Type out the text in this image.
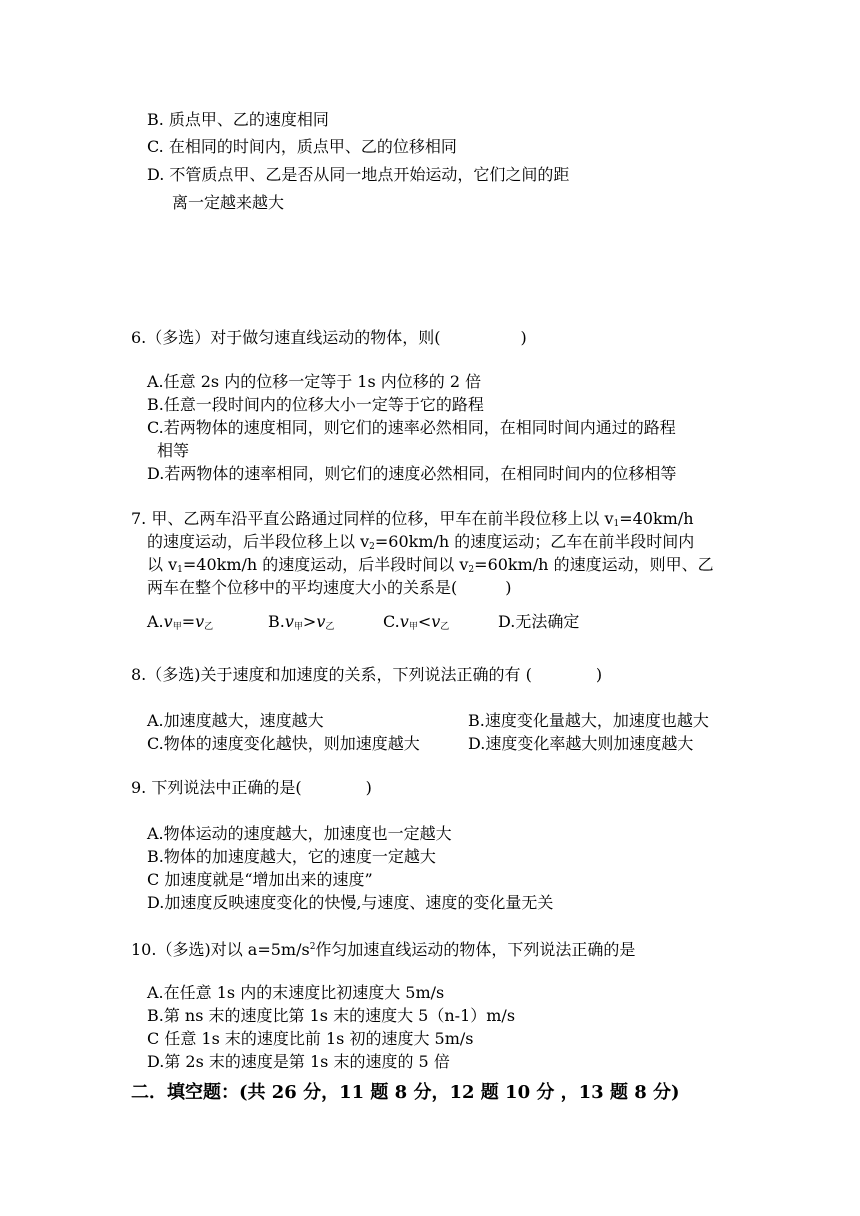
B. 质点甲、乙的速度相同
C. 在相同的时间内，质点甲、乙的位移相同
D. 不管质点甲、乙是否从同一地点开始运动，它们之间的距
离一定越来越大
6.（多选）对于做匀速直线运动的物体，则(　　　　　)
A.任意 2s 内的位移一定等于 1s 内位移的 2 倍
B.任意一段时间内的位移大小一定等于它的路程
C.若两物体的速度相同，则它们的速率必然相同，在相同时间内通过的路程
相等
D.若两物体的速率相同，则它们的速度必然相同，在相同时间内的位移相等
7. 甲、乙两车沿平直公路通过同样的位移，甲车在前半段位移上以 $v_1=40km/h$
的速度运动，后半段位移上以 $v_2=60km/h$ 的速度运动；乙车在前半段时间内
以 $v_1=40km/h$ 的速度运动，后半段时间以 $v_2=60km/h$ 的速度运动，则甲、乙
两车在整个位移中的平均速度大小的关系是(　　　)
$A.v_甲=v_乙$	$B.v_甲>v_乙$	$C.v_甲<v_乙$	D.无法确定
8.（多选)关于速度和加速度的关系，下列说法正确的有 (　　　　)
A.加速度越大，速度越大	B.速度变化量越大，加速度也越大
C.物体的速度变化越快，则加速度越大	D.速度变化率越大则加速度越大
9. 下列说法中正确的是(　　　　)
A.物体运动的速度越大，加速度也一定越大
B.物体的加速度越大，它的速度一定越大
C 加速度就是“增加出来的速度”
D.加速度反映速度变化的快慢,与速度、速度的变化量无关
10.（多选)对以 $a=5m/s^2$作匀加速直线运动的物体，下列说法正确的是
A.在任意 1s 内的末速度比初速度大 5m/s
B.第 ns 末的速度比第 1s 末的速度大 5（n-1）m/s
C 任意 1s 末的速度比前 1s 初的速度大 5m/s
D.第 2s 末的速度是第 1s 末的速度的 5 倍
二．填空题：(共 26 分，11 题 8 分，12 题 10 分 ，13 题 8 分)
